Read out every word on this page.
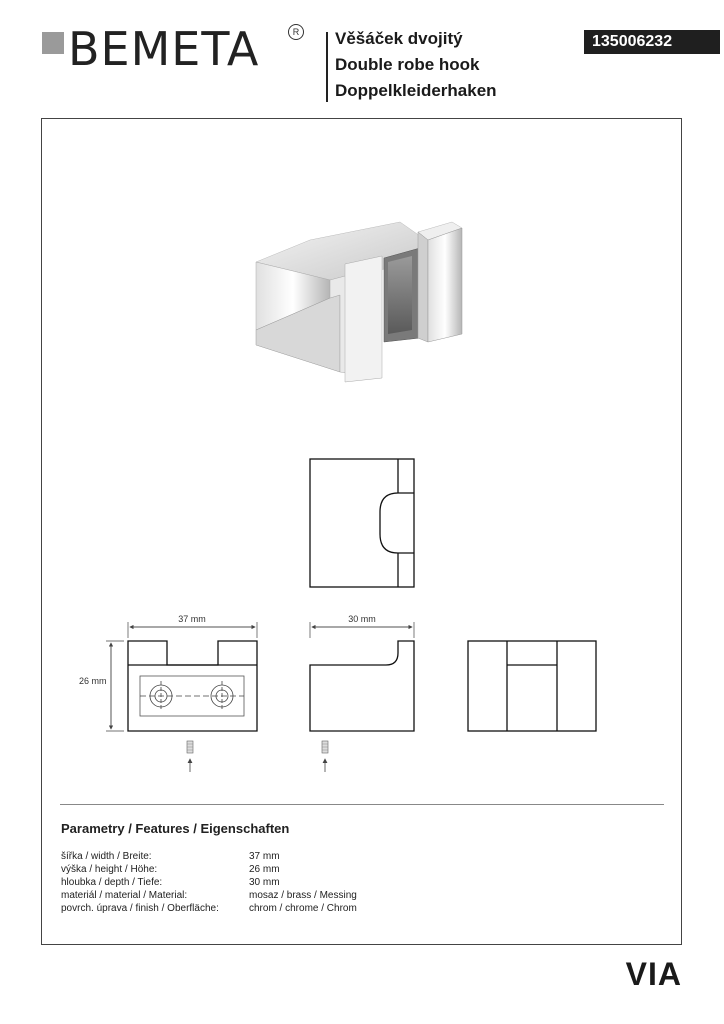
BEMETA	R Věšáček dvojitý
Double robe hook
Doppelkleiderhaken
135006232
37 mm
26 mm
30 mm
Parametry / Features / Eigenschaften
šířka / width / Breite:	37 mm
výška / height / Höhe:	26 mm
hloubka / depth / Tiefe:	30 mm
materiál / material / Material:	mosaz / brass / Messing
povrch. úprava / finish / Oberfläche:	chrom / chrome / Chrom
VIA
